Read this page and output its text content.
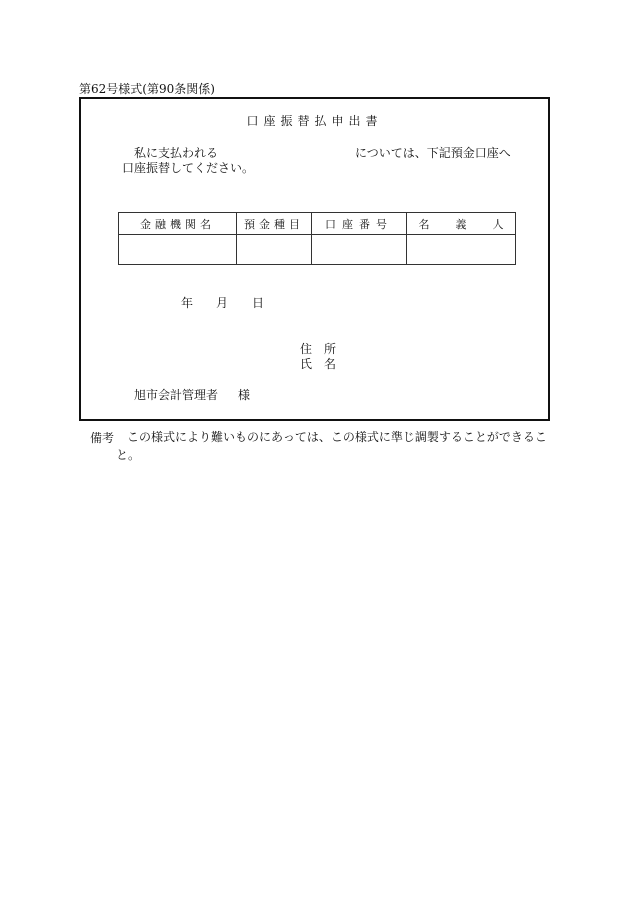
第62号様式(第90条関係)
口座振替払申出書
私に支払われる	については、下記預金口座へ
口座振替してください。
金融機関名	預金種目	口座番号	名 義 人

年 月 日
住 所
氏 名
旭市会計管理者 様
備考 この様式により難いものにあっては、この様式に準じ調製することができるこ
と。
